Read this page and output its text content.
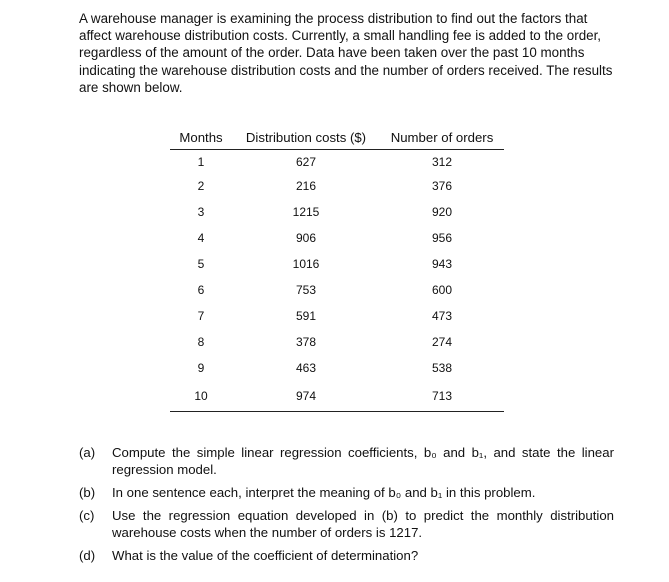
A warehouse manager is examining the process distribution to find out the factors that affect warehouse distribution costs. Currently, a small handling fee is added to the order, regardless of the amount of the order. Data have been taken over the past 10 months indicating the warehouse distribution costs and the number of orders received. The results are shown below.

Months	Distribution costs ($)	Number of orders
1	627	312
2	216	376
3	1215	920
4	906	956
5	1016	943
6	753	600
7	591	473
8	378	274
9	463	538
10	974	713
(a)	Compute the simple linear regression coefficients, b₀ and b₁, and state the linear regression model.
(b)	In one sentence each, interpret the meaning of b₀ and b₁ in this problem.
(c)	Use the regression equation developed in (b) to predict the monthly distribution warehouse costs when the number of orders is 1217.
(d)	What is the value of the coefficient of determination?
